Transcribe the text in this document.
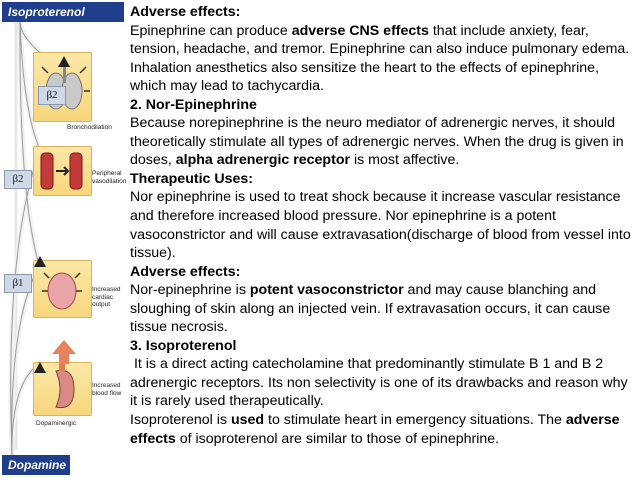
Isoproterenol
β2
Bronchodilation
β2	Peripheral vasodilation
β1
Increased cardiac output
Increased blood flow
Dopaminergic
Dopamine

Adverse effects:

Epinephrine can produce adverse CNS effects that include anxiety, fear, tension, headache, and tremor. Epinephrine can also induce pulmonary edema. Inhalation anesthetics also sensitize the heart to the effects of epinephrine, which may lead to tachycardia.

2. Nor-Epinephrine

Because norepinephrine is the neuro mediator of adrenergic nerves, it should theoretically stimulate all types of adrenergic nerves. When the drug is given in doses, alpha adrenergic receptor is most affective.

Therapeutic Uses:

Nor epinephrine is used to treat shock because it increase vascular resistance and therefore increased blood pressure. Nor epinephrine is a potent vasoconstrictor and will cause extravasation(discharge of blood from vessel into tissue).

Adverse effects:

Nor-epinephrine is potent vasoconstrictor and may cause blanching and sloughing of skin along an injected vein. If extravasation occurs, it can cause tissue necrosis.

3. Isoproterenol

It is a direct acting catecholamine that predominantly stimulate B 1 and B 2 adrenergic receptors. Its non selectivity is one of its drawbacks and reason why it is rarely used therapeutically.

Isoproterenol is used to stimulate heart in emergency situations. The adverse effects of isoproterenol are similar to those of epinephrine.
